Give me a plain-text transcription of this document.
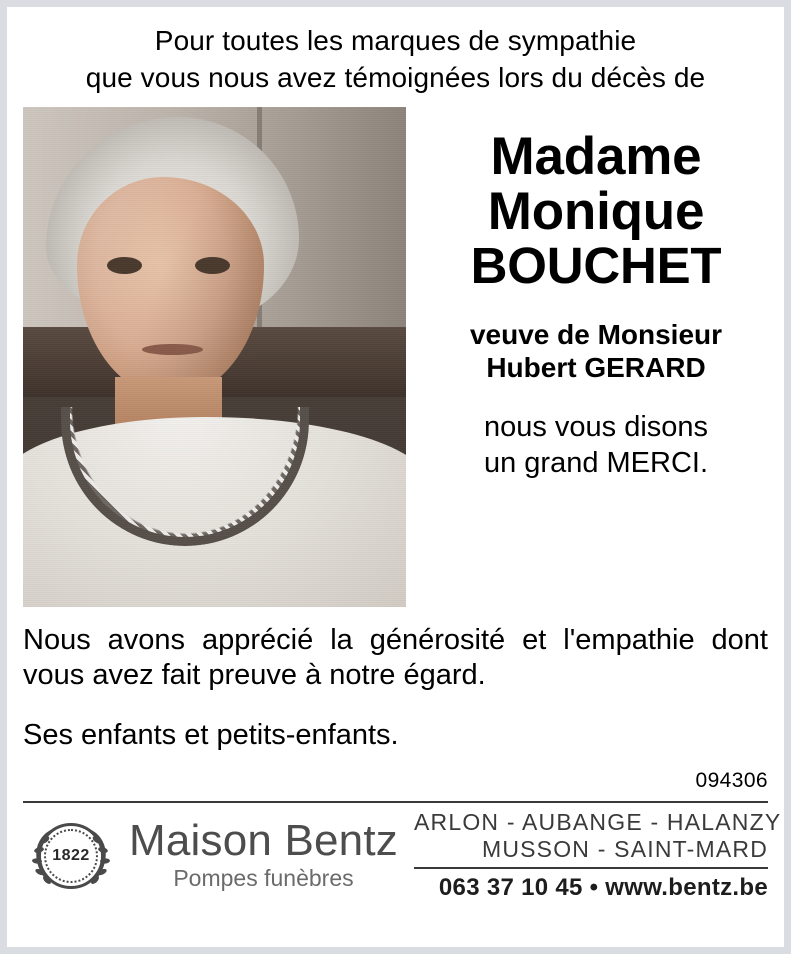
Pour toutes les marques de sympathie
que vous nous avez témoignées lors du décès de
Madame
Monique
BOUCHET
veuve de Monsieur
Hubert GERARD
nous vous disons
un grand MERCI.

Nous avons apprécié la générosité et l'empathie dont vous avez fait preuve à notre égard.

Ses enfants et petits-enfants.

094306
1822 Maison Bentz
Pompes funèbres
ARLON - AUBANGE - HALANZY
MUSSON - SAINT-MARD
063 37 10 45 • www.bentz.be
